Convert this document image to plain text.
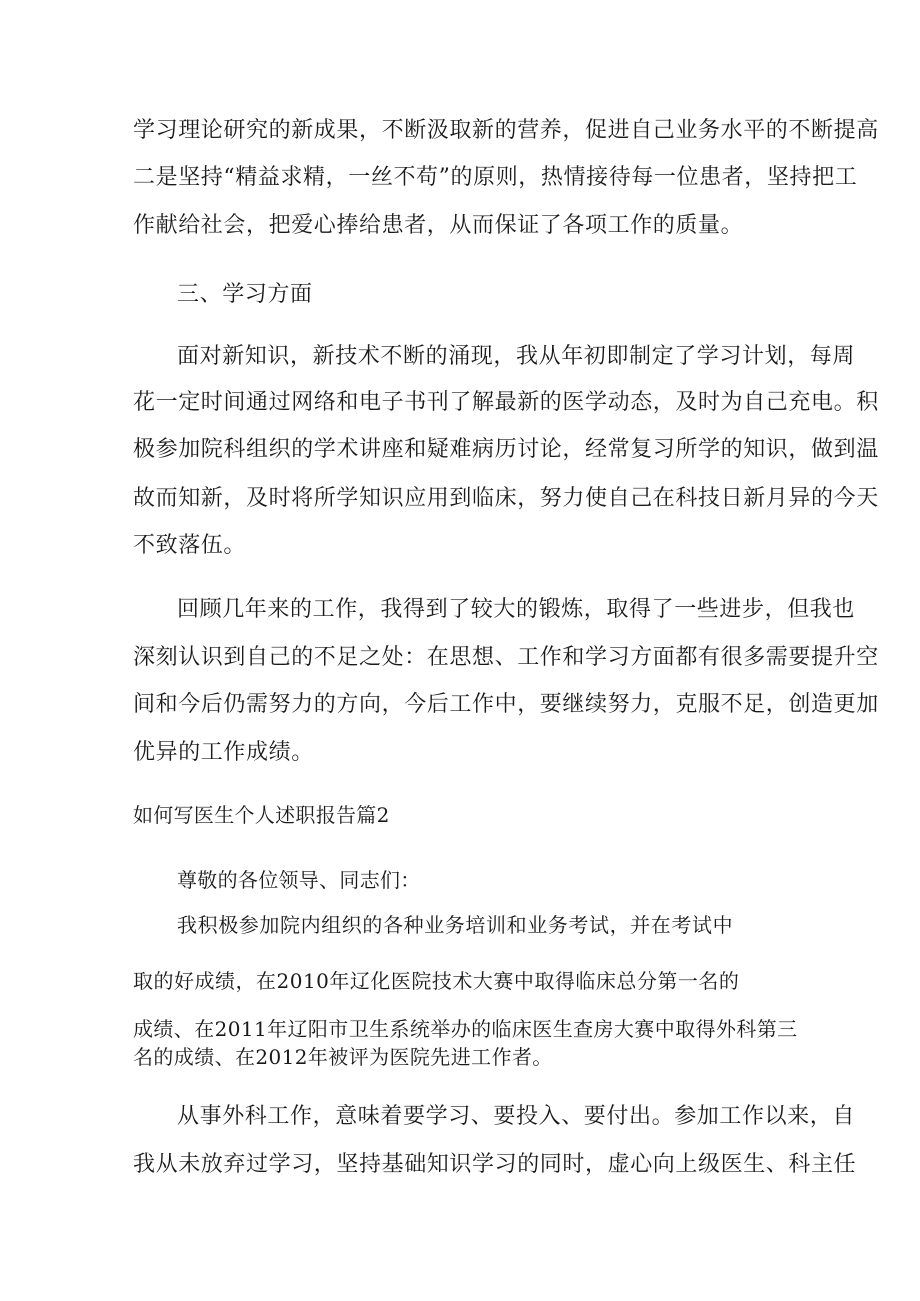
学习理论研究的新成果，不断汲取新的营养，促进自己业务水平的不断提高
二是坚持“精益求精，一丝不苟”的原则，热情接待每一位患者，坚持把工
作献给社会，把爱心捧给患者，从而保证了各项工作的质量。
三、学习方面
面对新知识，新技术不断的涌现，我从年初即制定了学习计划，每周
花一定时间通过网络和电子书刊了解最新的医学动态，及时为自己充电。积
极参加院科组织的学术讲座和疑难病历讨论，经常复习所学的知识，做到温
故而知新，及时将所学知识应用到临床，努力使自己在科技日新月异的今天
不致落伍。
回顾几年来的工作，我得到了较大的锻炼，取得了一些进步，但我也
深刻认识到自己的不足之处：在思想、工作和学习方面都有很多需要提升空
间和今后仍需努力的方向，今后工作中，要继续努力，克服不足，创造更加
优异的工作成绩。
如何写医生个人述职报告篇2
尊敬的各位领导、同志们：
我积极参加院内组织的各种业务培训和业务考试，并在考试中
取的好成绩，在2010年辽化医院技术大赛中取得临床总分第一名的
成绩、在2011年辽阳市卫生系统举办的临床医生查房大赛中取得外科第三
名的成绩、在2012年被评为医院先进工作者。
从事外科工作，意味着要学习、要投入、要付出。参加工作以来，自
我从未放弃过学习，坚持基础知识学习的同时，虚心向上级医生、科主任
